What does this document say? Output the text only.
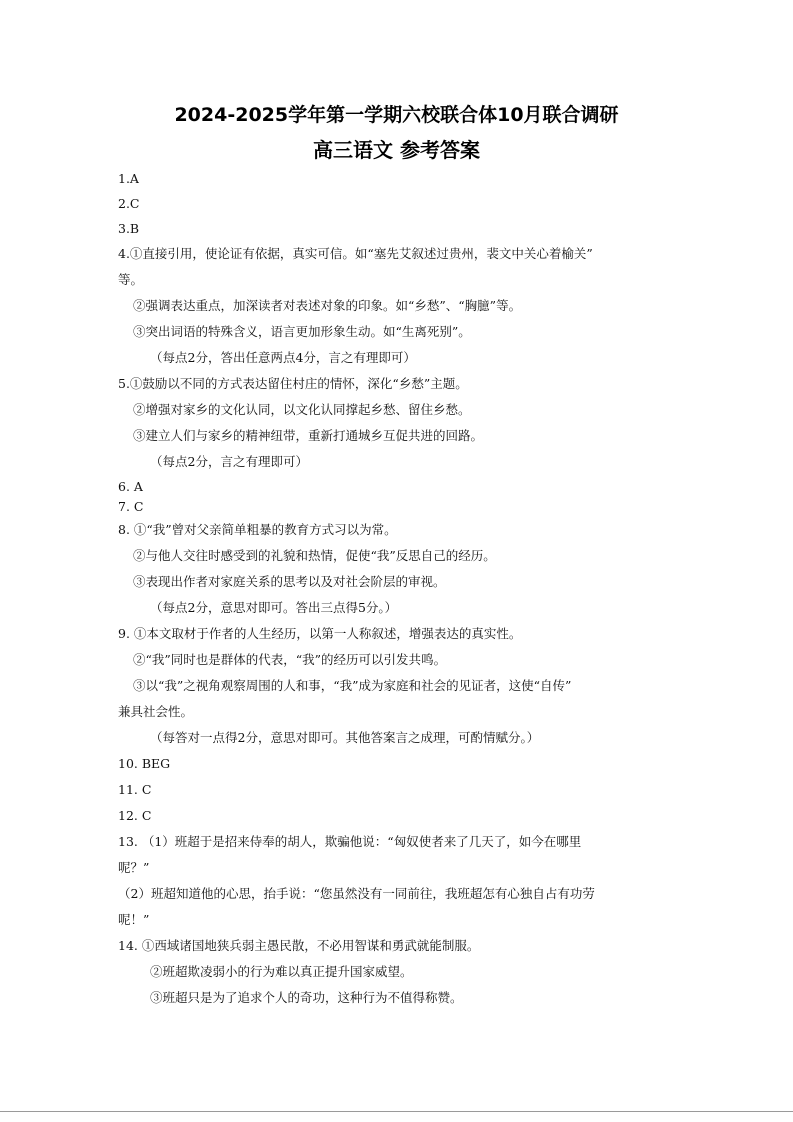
2024-2025学年第一学期六校联合体10月联合调研
高三语文 参考答案
1.A
2.C
3.B
4.①直接引用，使论证有依据，真实可信。如“塞先艾叙述过贵州，裴文中关心着榆关”
等。
②强调表达重点，加深读者对表述对象的印象。如“乡愁”、“胸臆”等。
③突出词语的特殊含义，语言更加形象生动。如“生离死别”。
（每点2分，答出任意两点4分，言之有理即可）
5.①鼓励以不同的方式表达留住村庄的情怀，深化“乡愁”主题。
②增强对家乡的文化认同，以文化认同撑起乡愁、留住乡愁。
③建立人们与家乡的精神纽带，重新打通城乡互促共进的回路。
（每点2分，言之有理即可）
6. A
7. C
8. ①“我”曾对父亲简单粗暴的教育方式习以为常。
②与他人交往时感受到的礼貌和热情，促使“我”反思自己的经历。
③表现出作者对家庭关系的思考以及对社会阶层的审视。
（每点2分，意思对即可。答出三点得5分。）
9. ①本文取材于作者的人生经历，以第一人称叙述，增强表达的真实性。
②“我”同时也是群体的代表，“我”的经历可以引发共鸣。
③以“我”之视角观察周围的人和事，“我”成为家庭和社会的见证者，这使“自传”
兼具社会性。
（每答对一点得2分，意思对即可。其他答案言之成理，可酌情赋分。）
10. BEG
11. C
12. C
13. （1）班超于是招来侍奉的胡人，欺骗他说：“匈奴使者来了几天了，如今在哪里
呢？”
（2）班超知道他的心思，抬手说：“您虽然没有一同前往，我班超怎有心独自占有功劳
呢！”
14. ①西域诸国地狭兵弱主愚民散，不必用智谋和勇武就能制服。
②班超欺凌弱小的行为难以真正提升国家威望。
③班超只是为了追求个人的奇功，这种行为不值得称赞。
